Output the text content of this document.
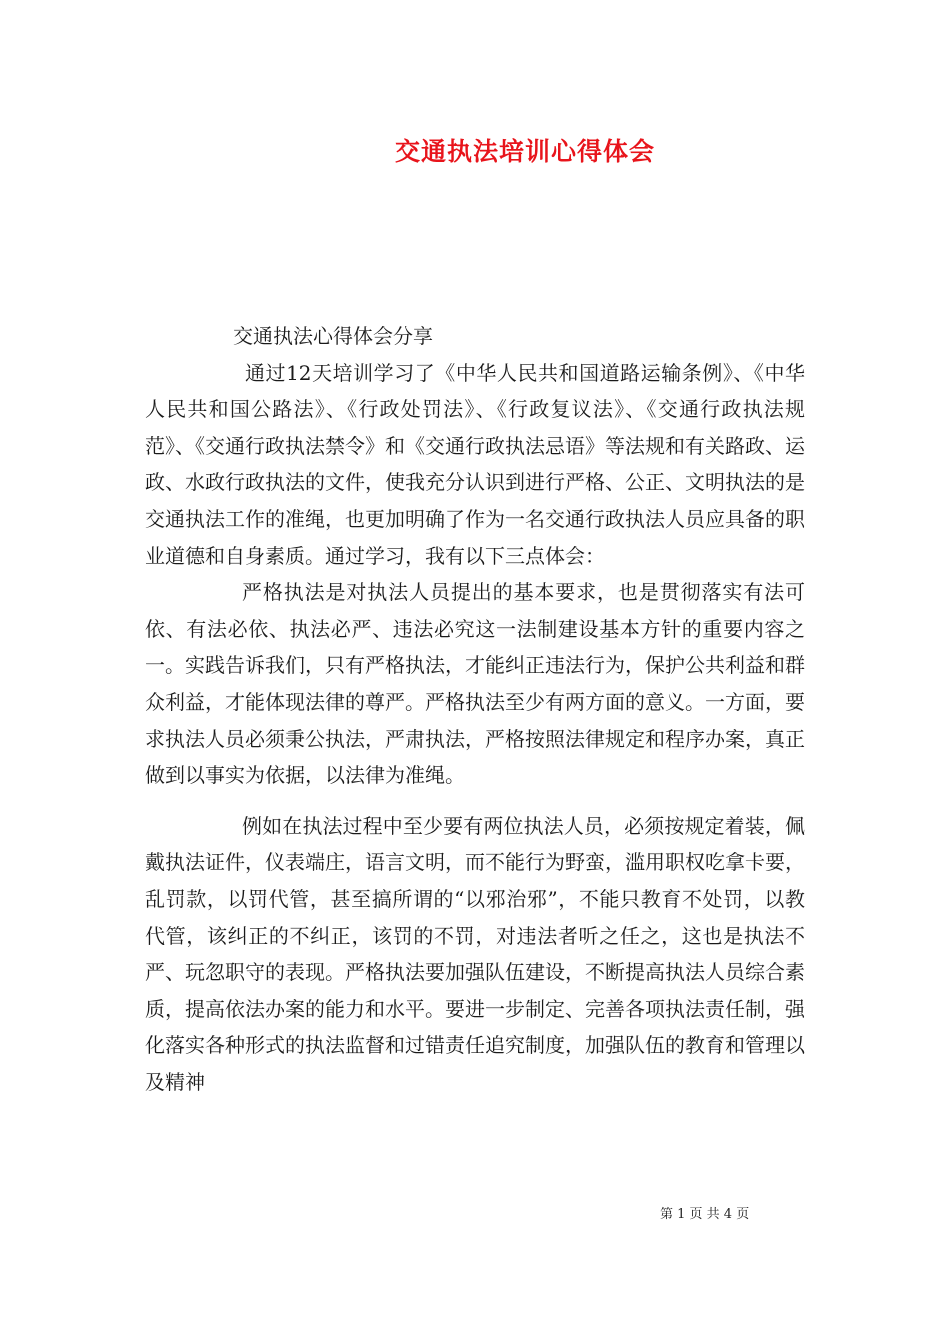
交通执法培训心得体会

交通执法心得体会分享

通过12天培训学习了《中华人民共和国道路运输条例》、《中华人民共和国公路法》、《行政处罚法》、《行政复议法》、《交通行政执法规范》、《交通行政执法禁令》和《交通行政执法忌语》等法规和有关路政、运政、水政行政执法的文件，使我充分认识到进行严格、公正、文明执法的是交通执法工作的准绳，也更加明确了作为一名交通行政执法人员应具备的职业道德和自身素质。通过学习，我有以下三点体会：

严格执法是对执法人员提出的基本要求，也是贯彻落实有法可依、有法必依、执法必严、违法必究这一法制建设基本方针的重要内容之一。实践告诉我们，只有严格执法，才能纠正违法行为，保护公共利益和群众利益，才能体现法律的尊严。严格执法至少有两方面的意义。一方面，要求执法人员必须秉公执法，严肃执法，严格按照法律规定和程序办案，真正做到以事实为依据，以法律为准绳。

例如在执法过程中至少要有两位执法人员，必须按规定着装，佩戴执法证件，仪表端庄，语言文明，而不能行为野蛮，滥用职权吃拿卡要，乱罚款，以罚代管，甚至搞所谓的“以邪治邪”，不能只教育不处罚，以教代管，该纠正的不纠正，该罚的不罚，对违法者听之任之，这也是执法不严、玩忽职守的表现。严格执法要加强队伍建设，不断提高执法人员综合素质，提高依法办案的能力和水平。要进一步制定、完善各项执法责任制，强化落实各种形式的执法监督和过错责任追究制度，加强队伍的教育和管理以及精神

第 1 页 共 4 页
